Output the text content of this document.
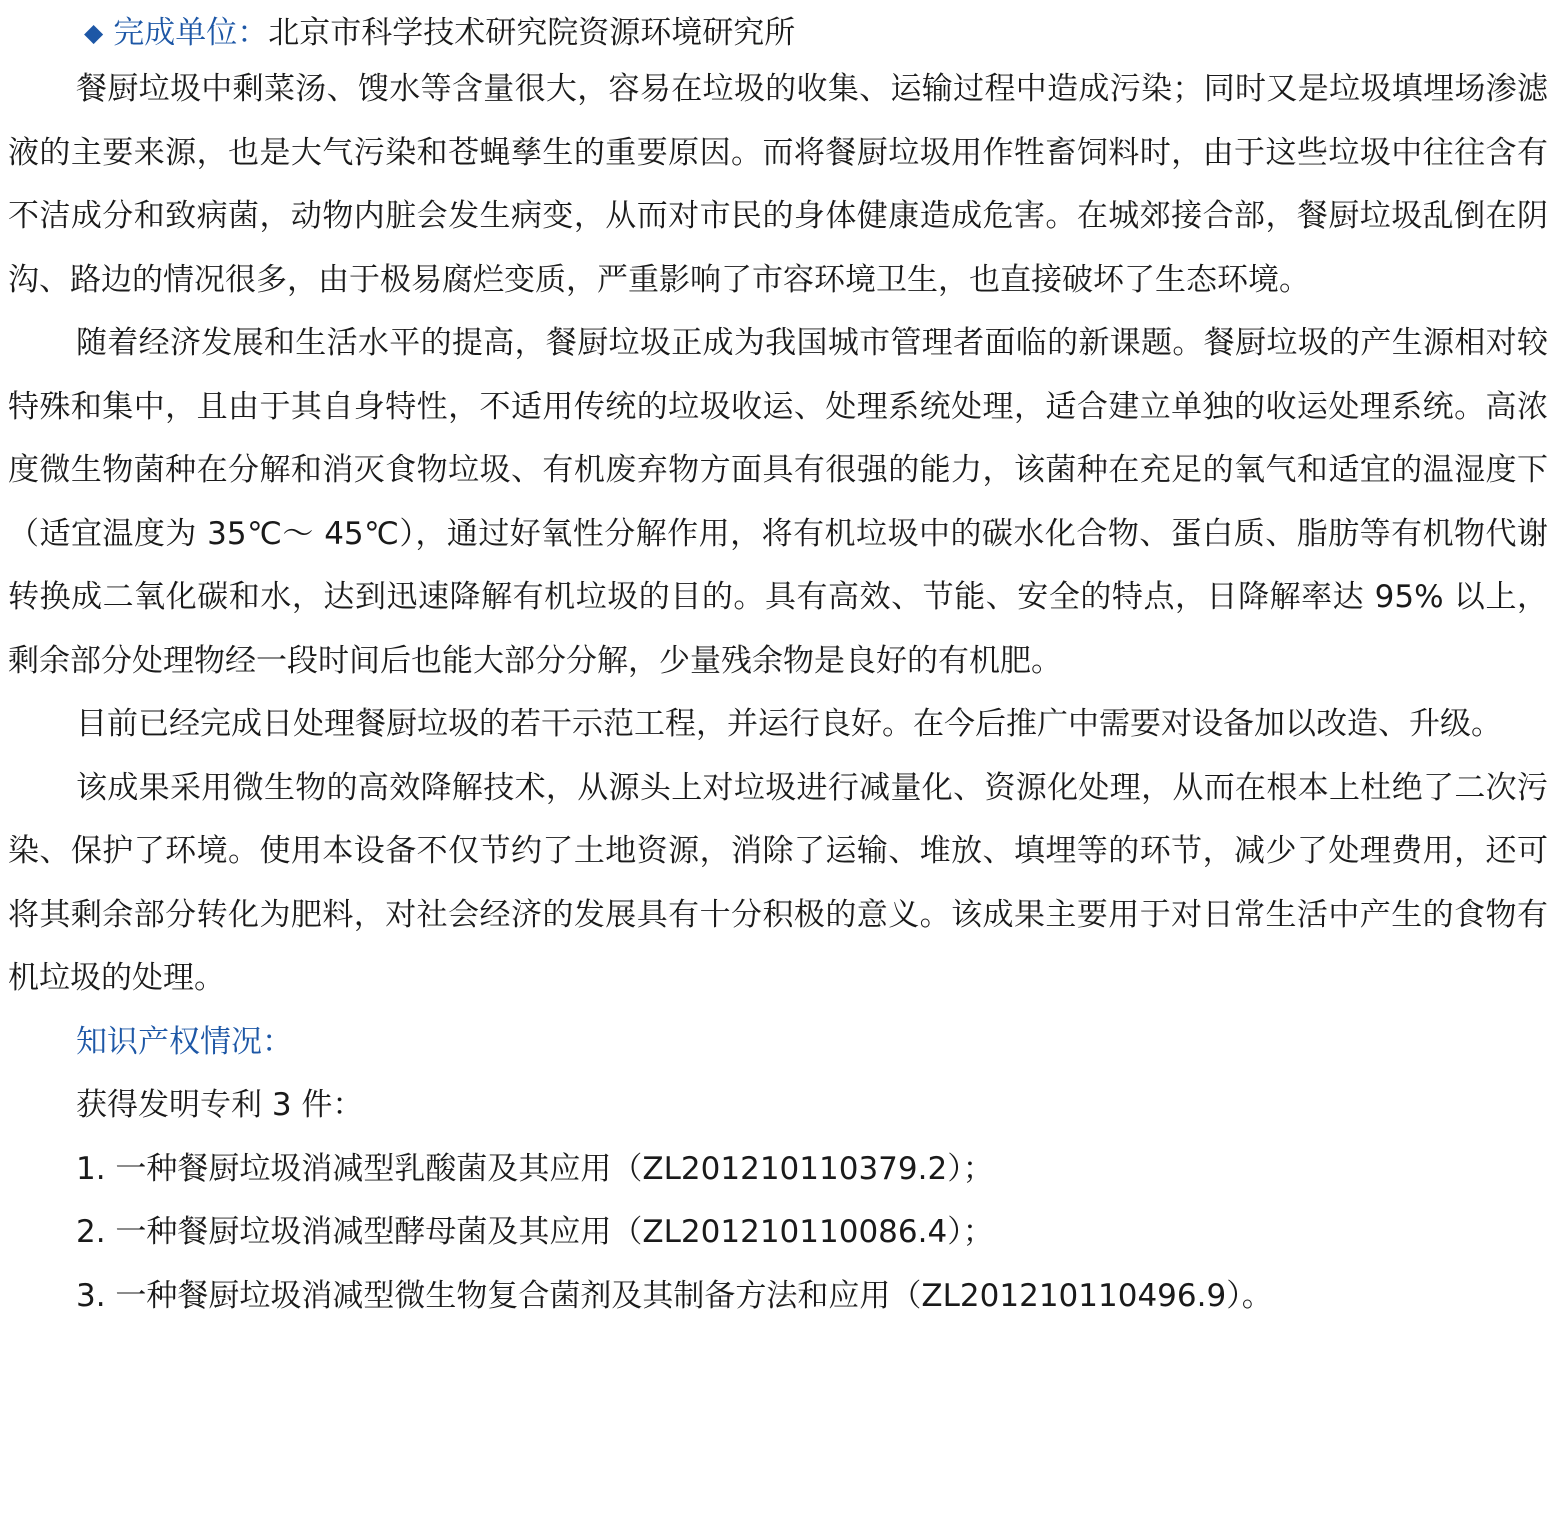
◆ 完成单位：北京市科学技术研究院资源环境研究所

餐厨垃圾中剩菜汤、馊水等含量很大，容易在垃圾的收集、运输过程中造成污染；同时又是垃圾填埋场渗滤液的主要来源，也是大气污染和苍蝇孳生的重要原因。而将餐厨垃圾用作牲畜饲料时，由于这些垃圾中往往含有不洁成分和致病菌，动物内脏会发生病变，从而对市民的身体健康造成危害。在城郊接合部，餐厨垃圾乱倒在阴沟、路边的情况很多，由于极易腐烂变质，严重影响了市容环境卫生，也直接破坏了生态环境。

随着经济发展和生活水平的提高，餐厨垃圾正成为我国城市管理者面临的新课题。餐厨垃圾的产生源相对较特殊和集中，且由于其自身特性，不适用传统的垃圾收运、处理系统处理，适合建立单独的收运处理系统。高浓度微生物菌种在分解和消灭食物垃圾、有机废弃物方面具有很强的能力，该菌种在充足的氧气和适宜的温湿度下（适宜温度为 35℃～ 45℃），通过好氧性分解作用，将有机垃圾中的碳水化合物、蛋白质、脂肪等有机物代谢转换成二氧化碳和水，达到迅速降解有机垃圾的目的。具有高效、节能、安全的特点，日降解率达 95% 以上，剩余部分处理物经一段时间后也能大部分分解，少量残余物是良好的有机肥。

目前已经完成日处理餐厨垃圾的若干示范工程，并运行良好。在今后推广中需要对设备加以改造、升级。

该成果采用微生物的高效降解技术，从源头上对垃圾进行减量化、资源化处理，从而在根本上杜绝了二次污染、保护了环境。使用本设备不仅节约了土地资源，消除了运输、堆放、填埋等的环节，减少了处理费用，还可将其剩余部分转化为肥料，对社会经济的发展具有十分积极的意义。该成果主要用于对日常生活中产生的食物有机垃圾的处理。

知识产权情况：

获得发明专利 3 件：

1. 一种餐厨垃圾消减型乳酸菌及其应用（ZL201210110379.2）；

2. 一种餐厨垃圾消减型酵母菌及其应用（ZL201210110086.4）；

3. 一种餐厨垃圾消减型微生物复合菌剂及其制备方法和应用（ZL201210110496.9）。
